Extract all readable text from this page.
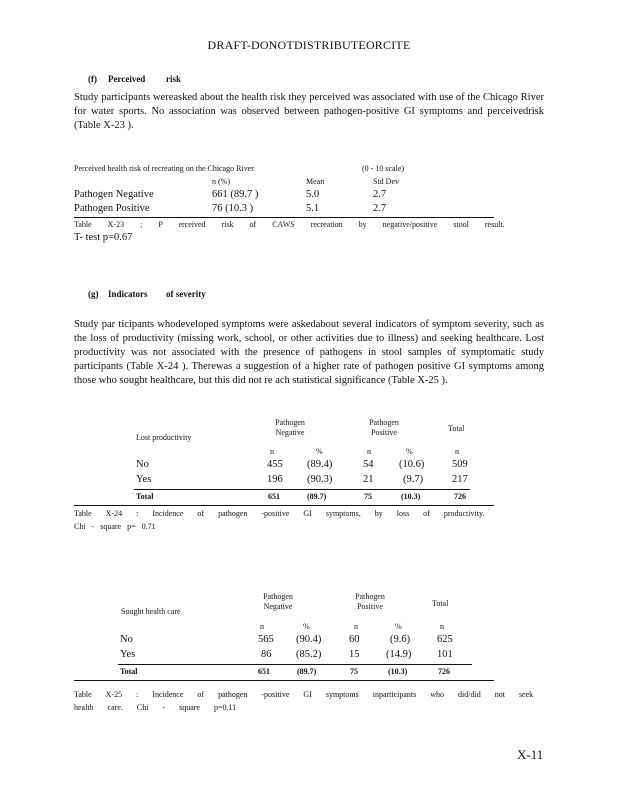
DRAFT-DONOTDISTRIBUTEORCITE
(f) Perceived risk
Study participants wereasked about the health risk they perceived was associated with use of the Chicago River for water sports. No association was observed between pathogen-positive GI symptoms and perceivedrisk (Table X-23 ).
Perceived health risk of recreating on the Chicago River	(0 - 10 scale)
n (%)	Mean	Std Dev
Pathogen Negative	661 (89.7 )	5.0	2.7
Pathogen Positive	76 (10.3 )	5.1	2.7
Table X-23 ; P erceived risk of CAWS recreation by negative/positive stool result.
T- test p=0.67
(g) Indicators of severity
Study par ticipants whodeveloped symptoms were askedabout several indicators of symptom severity, such as the loss of productivity (missing work, school, or other activities due to illness) and seeking healthcare. Lost productivity was not associated with the presence of pathogens in stool samples of symptomatic study participants (Table X-24 ). Therewas a suggestion of a higher rate of pathogen positive GI symptoms among those who sought healthcare, but this did not re ach statistical significance (Table X-25 ).
Lost productivity
Pathogen Negative
Pathogen Positive	Total
n	%	n	%	n
No	455 (89.4)	54 (10.6)	509
Yes	196 (90.3)	21	(9.7)	217
Total	651	(89.7)	75	(10.3)	726
Table X-24 : Incidence of pathogen -positive GI symptoms, by loss of productivity.
Chi - square p= 0.71
Sought health care
Pathogen Negative
Pathogen Positive	Total
n	%	n	%	n
No	565 (90.4)	60	(9.6)	625
Yes	86 (85.2)	15	(14.9) 101
Total	651	(89.7)	75	(10.3)	726
Table X-25 : Incidence of pathogen -positive GI symptoms inparticipants who did/did not seek health care. Chi - square p=0.11
X-11
